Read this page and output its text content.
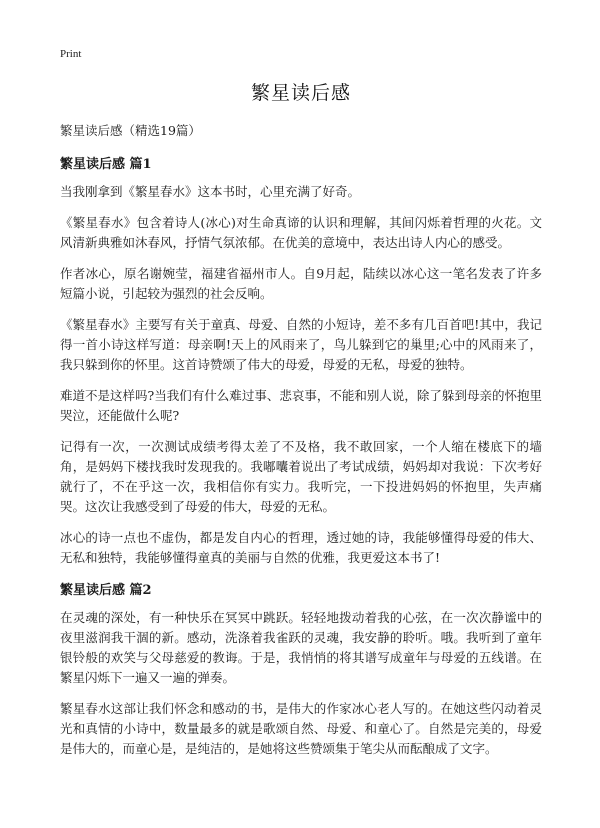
Print
繁星读后感
繁星读后感（精选19篇）
繁星读后感 篇1

当我刚拿到《繁星春水》这本书时，心里充满了好奇。

《繁星春水》包含着诗人(冰心)对生命真谛的认识和理解，其间闪烁着哲理的火花。文风清新典雅如沐春风，抒情气氛浓郁。在优美的意境中，表达出诗人内心的感受。

作者冰心，原名谢婉莹，福建省福州市人。自9月起，陆续以冰心这一笔名发表了许多短篇小说，引起较为强烈的社会反响。

《繁星春水》主要写有关于童真、母爱、自然的小短诗，差不多有几百首吧!其中，我记得一首小诗这样写道：母亲啊!天上的风雨来了，鸟儿躲到它的巢里;心中的风雨来了，我只躲到你的怀里。这首诗赞颂了伟大的母爱，母爱的无私，母爱的独特。

难道不是这样吗?当我们有什么难过事、悲哀事，不能和别人说，除了躲到母亲的怀抱里哭泣，还能做什么呢?

记得有一次，一次测试成绩考得太差了不及格，我不敢回家，一个人缩在楼底下的墙角，是妈妈下楼找我时发现我的。我嘟囔着说出了考试成绩，妈妈却对我说：下次考好就行了，不在乎这一次，我相信你有实力。我听完，一下投进妈妈的怀抱里，失声痛哭。这次让我感受到了母爱的伟大，母爱的无私。

冰心的诗一点也不虚伪，都是发自内心的哲理，透过她的诗，我能够懂得母爱的伟大、无私和独特，我能够懂得童真的美丽与自然的优雅，我更爱这本书了!

繁星读后感 篇2

在灵魂的深处，有一种快乐在冥冥中跳跃。轻轻地拨动着我的心弦，在一次次静谧中的夜里滋润我干涸的新。感动，洗涤着我雀跃的灵魂，我安静的聆听。哦。我听到了童年银铃般的欢笑与父母慈爱的教诲。于是，我悄悄的将其谱写成童年与母爱的五线谱。在繁星闪烁下一遍又一遍的弹奏。

繁星春水这部让我们怀念和感动的书，是伟大的作家冰心老人写的。在她这些闪动着灵光和真情的小诗中，数量最多的就是歌颂自然、母爱、和童心了。自然是完美的，母爱是伟大的，而童心是，是纯洁的，是她将这些赞颂集于笔尖从而酝酿成了文字。
